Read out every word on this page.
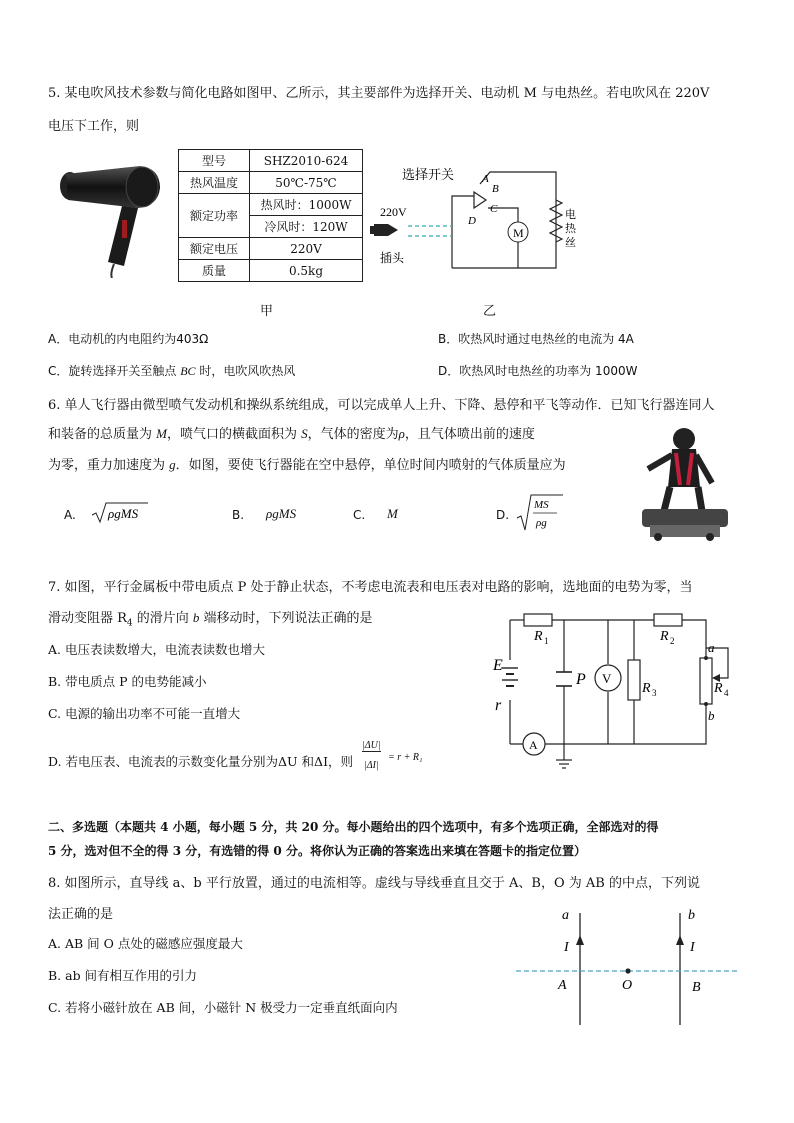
5. 某电吹风技术参数与简化电路如图甲、乙所示，其主要部件为选择开关、电动机 M 与电热丝。若电吹风在 220V
电压下工作，则
型号	SHZ2010-624
热风温度	50℃-75℃
额定功率	热风时：1000W
	冷风时：120W
额定电压	220V
质量	0.5kg
甲	乙
M
选择开关
220V
插头
A
B
C
D	电
热
丝
A．电动机的内电阻约为403Ω	B．吹热风时通过电热丝的电流为 4A
C．旋转选择开关至触点 BC 时，电吹风吹热风	D．吹热风时电热丝的功率为 1000W
6. 单人飞行器由微型喷气发动机和操纵系统组成，可以完成单人上升、下降、悬停和平飞等动作．已知飞行器连同人
和装备的总质量为 M，喷气口的横截面积为 S，气体的密度为ρ，且气体喷出前的速度
为零，重力加速度为 g．如图，要使飞行器能在空中悬停，单位时间内喷射的气体质量应为
A. ρgMS	B. ρgMS	C. M	D.
MS
ρg
7. 如图，平行金属板中带电质点 P 处于静止状态，不考虑电流表和电压表对电路的影响，选地面的电势为零，当
滑动变阻器 $R_4$ 的滑片向 b 端移动时，下列说法正确的是
A. 电压表读数增大，电流表读数也增大
B. 带电质点 P 的电势能减小
C. 电源的输出功率不可能一直增大
D. 若电压表、电流表的示数变化量分别为ΔU 和ΔI，则
|ΔU|
|ΔI|
= r + R₁
E
r
R 1	R 2
R 3	R 4
P V
A
a
b
二、多选题（本题共 4 小题，每小题 5 分，共 20 分。每小题给出的四个选项中，有多个选项正确，全部选对的得
5 分，选对但不全的得 3 分，有选错的得 0 分。将你认为正确的答案选出来填在答题卡的指定位置）
8. 如图所示，直导线 a、b 平行放置，通过的电流相等。虚线与导线垂直且交于 A、B，O 为 AB 的中点，下列说
法正确的是
A. AB 间 O 点处的磁感应强度最大
B. ab 间有相互作用的引力
C. 若将小磁针放在 AB 间，小磁针 N 极受力一定垂直纸面向内
a	b
I	I
A	O	B
